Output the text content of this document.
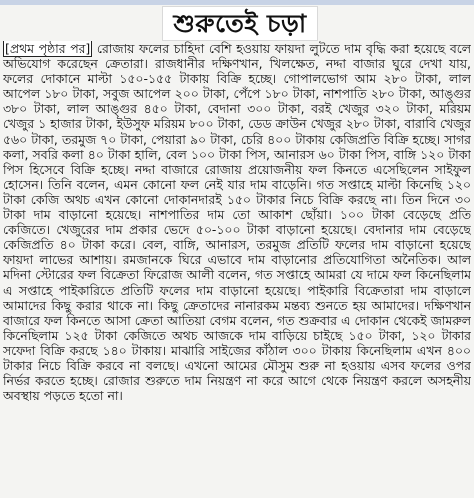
শুরুতেই চড়া

[প্রথম পৃষ্ঠার পর] রোজায় ফলের চাহিদা বেশি হওয়ায় ফায়দা লুটতে দাম বৃদ্ধি করা হয়েছে বলে অভিযোগ করেছেন ক্রেতারা। রাজধানীর দক্ষিণখান, খিলক্ষেত, নদ্দা বাজার ঘুরে দেখা যায়, ফলের দোকানে মাল্টা ১৫০-১৫৫ টাকায় বিক্রি হচ্ছে। গোপালভোগ আম ২৮০ টাকা, লাল আপেল ১৮০ টাকা, সবুজ আপেল ২০০ টাকা, পেঁপে ১৮০ টাকা, নাশপাতি ২৮০ টাকা, আঙ্গুর ৩৮০ টাকা, লাল আঙ্গুর ৪৫০ টাকা, বেদানা ৩০০ টাকা, বরই খেজুর ৩২০ টাকা, মরিয়ম খেজুর ১ হাজার টাকা, ইউসুফ মরিয়ম ৮০০ টাকা, ডেড ক্রাউন খেজুর ২৮০ টাকা, বারাবি খেজুর ৫৬০ টাকা, তরমুজ ৭০ টাকা, পেয়ারা ৯০ টাকা, চেরি ৪০০ টাকায় কেজিপ্রতি বিক্রি হচ্ছে। সাগর কলা, সবরি কলা ৪০ টাকা হালি, বেল ১০০ টাকা পিস, আনারস ৬০ টাকা পিস, বাঙ্গি ১২০ টাকা পিস হিসেবে বিক্রি হচ্ছে। নদ্দা বাজারে রোজায় প্রয়োজনীয় ফল কিনতে এসেছিলেন সাইফুল হোসেন। তিনি বলেন, এমন কোনো ফল নেই যার দাম বাড়েনি। গত সপ্তাহে মাল্টা কিনেছি ১২০ টাকা কেজি অথচ এখন কোনো দোকানদারই ১৫০ টাকার নিচে বিক্রি করছে না। তিন দিনে ৩০ টাকা দাম বাড়ানো হয়েছে। নাশপাতির দাম তো আকাশ ছোঁয়া। ১০০ টাকা বেড়েছে প্রতি কেজিতে। খেজুরের দাম প্রকার ভেদে ৫০-১০০ টাকা বাড়ানো হয়েছে। বেদানার দাম বেড়েছে কেজিপ্রতি ৪০ টাকা করে। বেল, বাঙ্গি, আনারস, তরমুজ প্রতিটি ফলের দাম বাড়ানো হয়েছে ফায়দা লাভের আশায়। রমজানকে ঘিরে এভাবে দাম বাড়ানোর প্রতিযোগিতা অনৈতিক। আল মদিনা স্টোরের ফল বিক্রেতা ফিরোজ আলী বলেন, গত সপ্তাহে আমরা যে দামে ফল কিনেছিলাম এ সপ্তাহে পাইকারিতে প্রতিটি ফলের দাম বাড়ানো হয়েছে। পাইকারি বিক্রেতারা দাম বাড়ালে আমাদের কিছু করার থাকে না। কিছু ক্রেতাদের নানারকম মন্তব্য শুনতে হয় আমাদের। দক্ষিণখান বাজারে ফল কিনতে আসা ক্রেতা আতিয়া বেগম বলেন, গত শুক্রবার এ দোকান থেকেই জামরুল কিনেছিলাম ১২৫ টাকা কেজিতে অথচ আজকে দাম বাড়িয়ে চাইছে ১৫০ টাকা, ১২০ টাকার সফেদা বিক্রি করছে ১৪০ টাকায়। মাঝারি সাইজের কাঁঠাল ৩০০ টাকায় কিনেছিলাম এখন ৪০০ টাকার নিচে বিক্রি করবে না বলছে। এখনো আমের মৌসুম শুরু না হওয়ায় এসব ফলের ওপর নির্ভর করতে হচ্ছে। রোজার শুরুতে দাম নিয়ন্ত্রণ না করে আগে থেকে নিয়ন্ত্রণ করলে অসহনীয় অবস্থায় পড়তে হতো না।
